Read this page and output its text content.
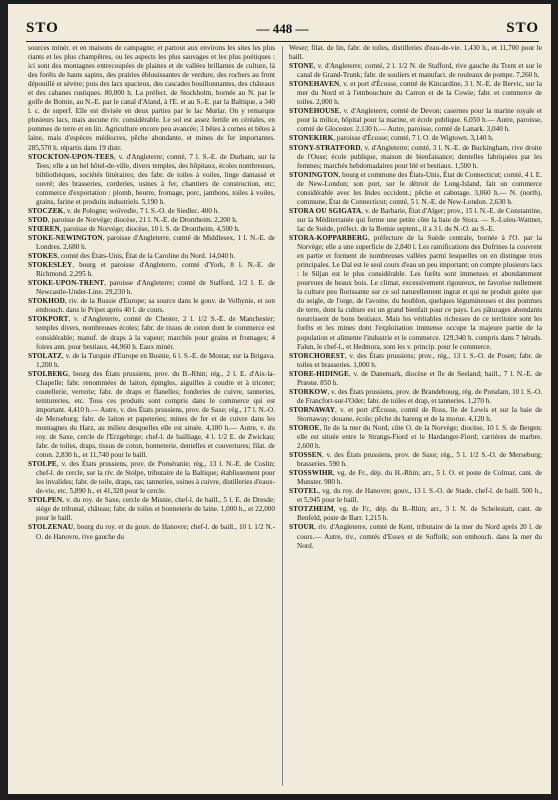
STO	— 448 —	STO

sources minér. et en maisons de campagne; et partout aux environs les sites les plus riants et les plus champêtres, ou les aspects les plus sauvages et les plus poétiques : ici sont des montagnes entrecoupées de plaines et de vallées brillantes de culture, là des forêts de hauts sapins, des prairies éblouissantes de verdure, des rochers au front dépouillé et sévère; puis des lacs spacieux, des cascades bouillonnantes, des châteaux et des cabanes rustiques. 80,000 h. La préfect. de Stockholm, bornée au N. par le golfe de Botnie, au N.-E. par le canal d'Aland, à l'E. et au S.-E. par la Baltique, a 340 l. c. de superf. Elle est divisée en deux parties par le lac Mœlar. On y remarque plusieurs lacs, mais aucune riv. considérable. Le sol est assez fertile en céréales, en pommes de terre et en lin. Agriculture encore peu avancée; 3 bêtes à cornes et bêtes à laine, mais d'espèces médiocres, pêche abondante, et mines de fer importantes. 285,570 h. répartis dans 19 distr.

STOCKTON-UPON-TEES, v. d'Angleterre; comté, 7 l. S.-E. de Durham, sur la Tees; elle a un bel hôtel-de-ville, divers temples, des hôpitaux, écoles nombreuses, bibliothèques, sociétés littéraires; des fabr. de toiles à voiles, linge damassé et ouvré; des brasseries, corderies, usines à fer, chantiers de construction, etc; commerce d'exportation : plomb, beurre, fromage, porc, jambons, toiles à voiles, grains, farine et produits industriels. 5,190 h.

STOCZEK, v. de Pologne; woïvodie, 7 l. S.-O. de Siedlec. 400 h.

STOD, paroisse de Norvége; diocèse, 21 l. N.-E. de Drontheim. 2,200 h.

STŒREN, paroisse de Norvége; diocèse, 10 l. S. de Drontheim. 4,500 h.

STOKE-NEWINGTON, paroisse d'Angleterre, comté de Middlesex, 1 l. N.-E. de Londres. 2,680 h.

STOKES, comté des États-Unis, État de la Caroline du Nord. 14,040 h.

STOKESLEY, bourg et paroisse d'Angleterre, comté d'York, 8 l. N.-E. de Richmond. 2,295 h.

STOKE-UPON-TRENT, paroisse d'Angleterre; comté de Stafford, 1/2 l. E. de Newcastle-Under-Line. 29,230 h.

STOKHOD, riv. de la Russie d'Europe; sa source dans le gouv. de Volhynie, et son embouch. dans le Pripet après 40 l. de cours.

STOKPORT, v. d'Angleterre, comté de Chester, 2 l. 1/2 S.-E. de Manchester; temples divers, nombreuses écoles; fabr. de tissus de coton dont le commerce est considérable; manuf. de draps à la vapeur; marchés pour grains et fromages; 4 foires ann. pour bestiaux. 44,960 h. Eaux minér.

STOLATZ, v. de la Turquie d'Europe en Bosnie, 6 l. S.-E. de Mostar, sur la Brigava. 1,200 h.

STOLBERG, bourg des États prussiens, prov. du B.-Rhin; rég., 2 l. E. d'Aix-la-Chapelle; fabr. renommées de laiton, épingles, aiguilles à coudre et à tricoter; coutellerie, verrerie; fabr. de draps et flanelles; fonderies de cuivre, tanneries, teintureries, etc. Tous ces produits sont compris dans le commerce qui est important. 4,410 h.— Autre, v. des États prussiens, prov. de Saxe; rég., 17 l. N.-O. de Merseburg; fabr. de laiton et papeteries; mines de fer et de cuivre dans les montagnes du Harz, au milieu desquelles elle est située. 4,180 h.— Autre, v. du roy. de Saxe, cercle de l'Erzgebirge; chef-l. de bailliage, 4 l. 1/2 E. de Zwickau; fabr. de toiles, draps, tissus de coton, bonneterie, dentelles et couvertures; filat. de coton. 2,830 h., et 11,740 pour le baill.

STOLPE, v. des États prussiens, prov. de Poméranie; rég., 13 l. N.-E. de Coslin; chef-l. de cercle, sur la riv. de Stolpe, tributaire de la Baltique; établissement pour les invalides; fabr. de toile, draps, ras; tanneries, usines à cuivre, distilleries d'eaux-de-vie, etc. 5,890 h., et 41,320 pour le cercle.

STOLPEN, v. du roy. de Saxe, cercle de Misnie, chef-l. de baill., 5 l. E. de Dresde; siége de tribunal, château; fabr. de toiles et bonneterie de laine. 1,000 h., et 22,000 pour le baill.

STOLZENAU, bourg du roy. et du gouv. de Hanovre; chef-l. de baill., 10 l. 1/2 N.-O. de Hanovre, rive gauche du

Weser; filat. de lin, fabr. de toiles, distilleries d'eau-de-vie. 1,430 h., et 11,700 pour le baill.

STONE, v. d'Angleterre; comté, 2 l. 1/2 N. de Stafford, rive gauche du Trent et sur le canal de Grand-Trunk; fabr. de souliers et manufact. de rouleaux de pompe. 7,260 h.

STONEHAVEN, v. et port d'Écosse, comté de Kincardine, 3 l. N.-E. de Bervic, sur la mer du Nord et à l'embouchure du Carron et de la Cowie; fabr. et commerce de toiles. 2,000 h.

STONEHOUSE, v. d'Angleterre, comté de Devon; casernes pour la marine royale et pour la milice, hôpital pour la marine, et école publique. 6,050 h.— Autre, paroisse, comté de Glocester. 2,130 h.— Autre, paroisse, comté de Lanark. 3,040 h.

STONEKIRK, paroisse d'Écosse; comté, 7 l. O. de Wigtown. 3,140 h.

STONY-STRATFORD, v. d'Angleterre; comté, 3 l. N.-E. de Buckingham, rive droite de l'Ouse; école publique, maison de bienfaisance; dentelles fabriquées par les femmes; marchés hebdomadaires pour blé et bestiaux. 1,500 h.

STONINGTON, bourg et commune des États-Unis, État de Connecticut; comté, 4 l. E. de New-London; son port, sur le détroit de Long-Island, fait un commerce considérable avec les Indes occident.; pêche et cabotage. 3,060 h.— N. (north), commune, État de Connecticut; comté, 5 l. N.-E. de New-London. 2,630 h.

STORA OU SGIGATA, v. de Barbarie, État d'Alger; prov., 15 l. N.-E. de Constantine, sur la Méditerranée qui forme une petite côte la baie de Stora. — S.-Luleu-Wattnet, lac de Suède, préfect. de la Botnie septent., il a 3 l. du N.-O. au S.-E.

STORA-KOPPARBERG, préfecture de la Suède centrale, bornée à l'O. par la Norvège; elle a une superficie de 2,840 l. Les ramifications des Dofrines la couvrent en partie et forment de nombreuses vallées parmi lesquelles on en distingue trois principales. Le Dal est le seul cours d'eau un peu important; on compte plusieurs lacs : le Siljan est le plus considérable. Les forêts sont immenses et abondamment pourvues de beaux bois. Le climat, excessivement rigoureux, ne favorise nullement la culture peu florissante sur ce sol naturellement ingrat et qui ne produit guère que du seigle, de l'orge, de l'avoine, du houblon, quelques légumineuses et des pommes de terre, dont la culture est un grand bienfait pour ce pays. Les pâturages abondants nourrissent de bons bestiaux. Mais les véritables richesses de ce territoire sont les forêts et les mines dont l'exploitation immense occupe la majeure partie de la population et alimente l'industrie et le commerce. 129,340 h. compris dans 7 hérads. Falun, le chef-l., et Hedmora, sont les v. princip. pour le commerce.

STORCHOREST, v. des États prussiens; prov., rég., 13 l. S.-O. de Posen; fabr. de toiles et brasseries. 1,000 h.

STORE-HIDINGE, v. de Danemark, diocèse et île de Seeland; baill., 7 l. N.-E. de Præstø. 850 h.

STORKOW, v. des États prussiens, prov. de Brandebourg, rég. de Potsdam, 10 l. S.-O. de Francfort-sur-l'Oder; fabr. de toiles et drap, et tanneries. 1,270 h.

STORNAWAY, v. et port d'Écosse, comté de Ross, île de Lewis et sur la baie de Stornaway; douane, école; pêche du hareng et de la morue. 4,120 h.

STOROE, île de la mer du Nord, côte O. de la Norvège; diocèse, 10 l. S. de Bergen; elle est située entre le Strangs-Fiord et le Hardanger-Fiord; carrières de marbre. 2,600 h.

STOSSEN, v. des États prussiens, prov. de Saxe; rég., 5 l. 1/2 S.-O. de Merseburg; brasseries. 590 h.

STOSSWIHR, vg. de Fr., dép. du H.-Rhin; arr., 5 l. O. et poste de Colmar, cant. de Munster. 980 h.

STOTEL, vg. du roy. de Hanovre; gouv., 13 l. S.-O. de Stade, chef-l. de baill. 500 h., et 5,945 pour le baill.

STOTZHEIM, vg. de Fr., dép. du B.-Rhin; arr., 3 l. N. de Schelestatt, cant. de Benfeld, poste de Barr. 1,215 h.

STOUR, riv. d'Angleterre, comté de Kent, tributaire de la mer du Nord après 20 l. de cours.— Autre, riv., comtés d'Essex et de Suffolk; son embouch. dans la mer du Nord.
